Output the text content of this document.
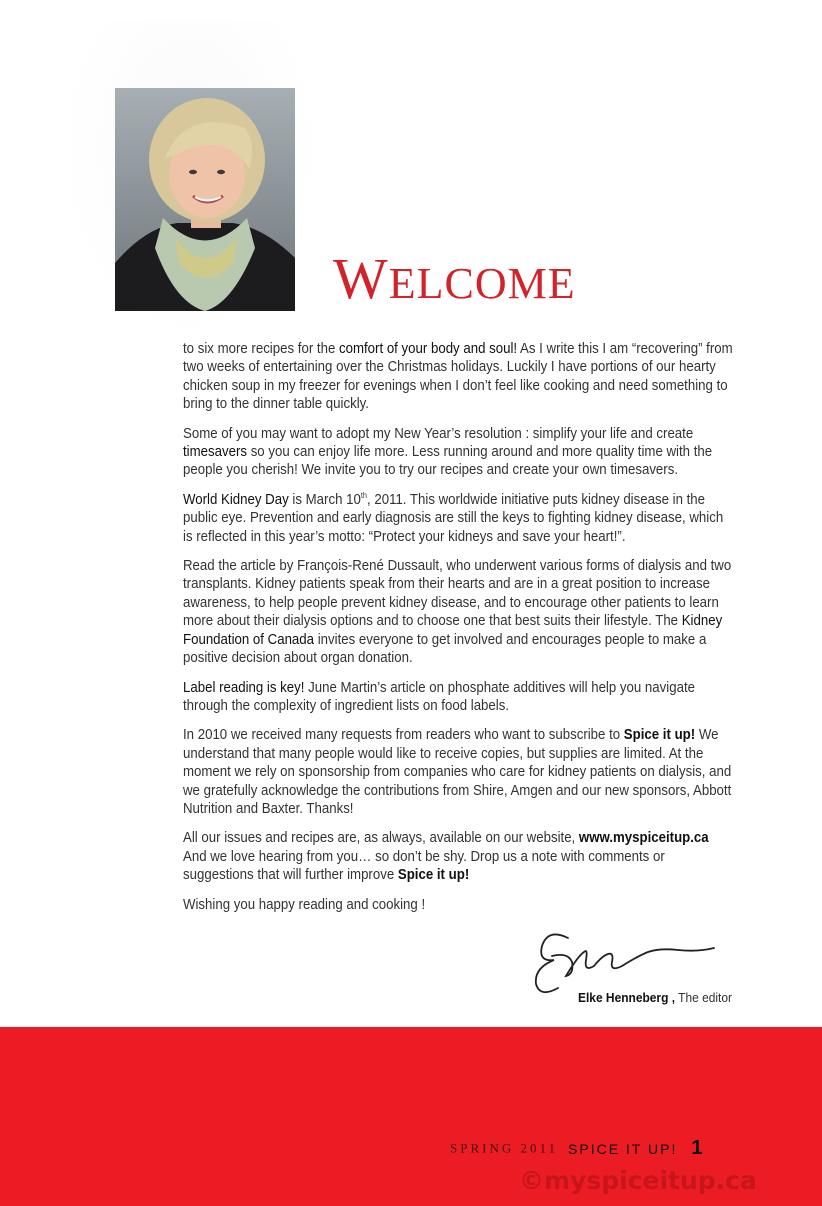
WELCOME

to six more recipes for the comfort of your body and soul! As I write this I am “recovering” from two weeks of entertaining over the Christmas holidays. Luckily I have portions of our hearty chicken soup in my freezer for evenings when I don’t feel like cooking and need something to bring to the dinner table quickly.

Some of you may want to adopt my New Year’s resolution : simplify your life and create timesavers so you can enjoy life more. Less running around and more quality time with the people you cherish! We invite you to try our recipes and create your own timesavers.

World Kidney Day is March 10th, 2011. This worldwide initiative puts kidney disease in the public eye. Prevention and early diagnosis are still the keys to fighting kidney disease, which is reflected in this year’s motto: “Protect your kidneys and save your heart!”.

Read the article by François-René Dussault, who underwent various forms of dialysis and two transplants. Kidney patients speak from their hearts and are in a great position to increase awareness, to help people prevent kidney disease, and to encourage other patients to learn more about their dialysis options and to choose one that best suits their lifestyle. The Kidney Foundation of Canada invites everyone to get involved and encourages people to make a positive decision about organ donation.

Label reading is key! June Martin’s article on phosphate additives will help you navigate through the complexity of ingredient lists on food labels.

In 2010 we received many requests from readers who want to subscribe to Spice it up! We understand that many people would like to receive copies, but supplies are limited. At the moment we rely on sponsorship from companies who care for kidney patients on dialysis, and we gratefully acknowledge the contributions from Shire, Amgen and our new sponsors, Abbott Nutrition and Baxter. Thanks!

All our issues and recipes are, as always, available on our website, www.myspiceitup.ca And we love hearing from you… so don’t be shy. Drop us a note with comments or suggestions that will further improve Spice it up!

Wishing you happy reading and cooking !

Elke Henneberg , The editor
SPRING 2011 SPICE IT UP! 1
©myspiceitup.ca
